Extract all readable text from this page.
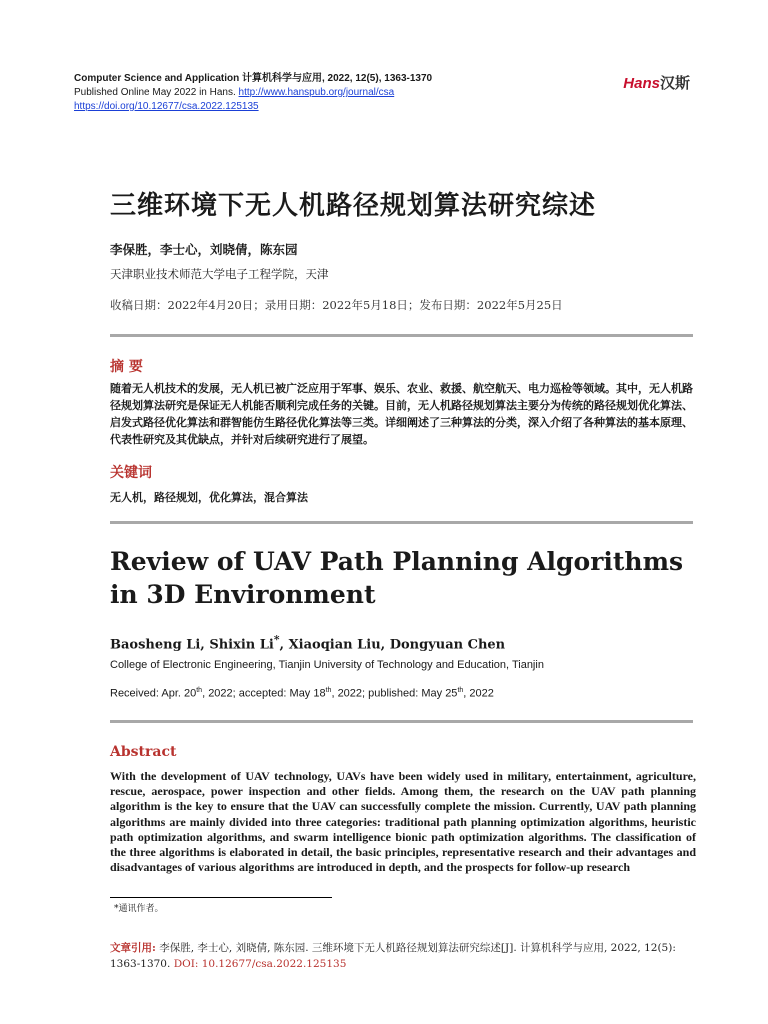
Computer Science and Application 计算机科学与应用, 2022, 12(5), 1363-1370
Published Online May 2022 in Hans. http://www.hanspub.org/journal/csa
https://doi.org/10.12677/csa.2022.125135
Hans汉斯
三维环境下无人机路径规划算法研究综述
李保胜，李士心，刘晓倩，陈东园
天津职业技术师范大学电子工程学院，天津
收稿日期：2022年4月20日；录用日期：2022年5月18日；发布日期：2022年5月25日
摘 要
随着无人机技术的发展，无人机已被广泛应用于军事、娱乐、农业、救援、航空航天、电力巡检等领域。其中，无人机路径规划算法研究是保证无人机能否顺利完成任务的关键。目前，无人机路径规划算法主要分为传统的路径规划优化算法、启发式路径优化算法和群智能仿生路径优化算法等三类。详细阐述了三种算法的分类，深入介绍了各种算法的基本原理、代表性研究及其优缺点，并针对后续研究进行了展望。
关键词
无人机，路径规划，优化算法，混合算法
Review of UAV Path Planning Algorithms in 3D Environment
Baosheng Li, Shixin Li*, Xiaoqian Liu, Dongyuan Chen
College of Electronic Engineering, Tianjin University of Technology and Education, Tianjin
Received: Apr. 20th, 2022; accepted: May 18th, 2022; published: May 25th, 2022
Abstract
With the development of UAV technology, UAVs have been widely used in military, entertainment, agriculture, rescue, aerospace, power inspection and other fields. Among them, the research on the UAV path planning algorithm is the key to ensure that the UAV can successfully complete the mission. Currently, UAV path planning algorithms are mainly divided into three categories: traditional path planning optimization algorithms, heuristic path optimization algorithms, and swarm intelligence bionic path optimization algorithms. The classification of the three algorithms is elaborated in detail, the basic principles, representative research and their advantages and disadvantages of various algorithms are introduced in depth, and the prospects for follow-up research
*通讯作者。
文章引用: 李保胜, 李士心, 刘晓倩, 陈东园. 三维环境下无人机路径规划算法研究综述[J]. 计算机科学与应用, 2022, 12(5): 1363-1370. DOI: 10.12677/csa.2022.125135
